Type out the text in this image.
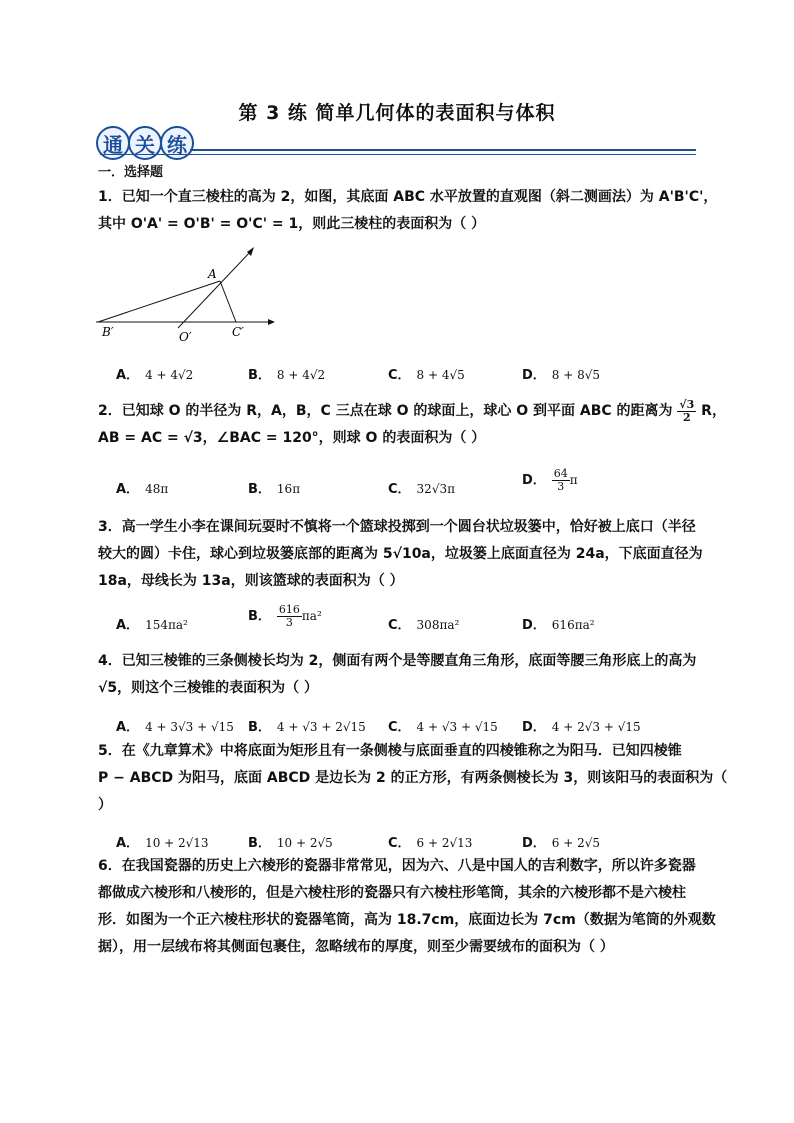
第 3 练 简单几何体的表面积与体积
通 关 练
一．选择题
1．已知一个直三棱柱的高为 2，如图，其底面 ABC 水平放置的直观图（斜二测画法）为 A'B'C'，
其中 O'A' = O'B' = O'C' = 1，则此三棱柱的表面积为（ ）
A
B′	O′	C′
A． 4 + 4√2	B． 8 + 4√2	C． 8 + 4√5	D． 8 + 8√5
2．已知球 O 的半径为 R，A，B，C 三点在球 O 的球面上，球心 O 到平面 ABC 的距离为 $\frac{√3}{2}$ R，
AB = AC = √3，∠BAC = 120°，则球 O 的表面积为（ ）
A． 48π	B． 16π	C． 32√3π
D． $\frac{64}{3}$ π
3．高一学生小李在课间玩耍时不慎将一个篮球投掷到一个圆台状垃圾篓中，恰好被上底口（半径
较大的圆）卡住，球心到垃圾篓底部的距离为 5√10a，垃圾篓上底面直径为 24a，下底面直径为
18a，母线长为 13a，则该篮球的表面积为（ ）
A． 154πa²
B． $\frac{616}{3} \pi a^2$
C． 308πa²	D． 616πa²
4．已知三棱锥的三条侧棱长均为 2，侧面有两个是等腰直角三角形，底面等腰三角形底上的高为
√5，则这个三棱锥的表面积为（ ）
A． 4 + 3√3 + √15 B． 4 + √3 + 2√15 C． 4 + √3 + √15 D． 4 + 2√3 + √15
5．在《九章算术》中将底面为矩形且有一条侧棱与底面垂直的四棱锥称之为阳马．已知四棱锥
P − ABCD 为阳马，底面 ABCD 是边长为 2 的正方形，有两条侧棱长为 3，则该阳马的表面积为（
）
A． 10 + 2√13	B． 10 + 2√5	C． 6 + 2√13	D． 6 + 2√5
6．在我国瓷器的历史上六棱形的瓷器非常常见，因为六、八是中国人的吉利数字，所以许多瓷器
都做成六棱形和八棱形的，但是六棱柱形的瓷器只有六棱柱形笔筒，其余的六棱形都不是六棱柱
形．如图为一个正六棱柱形状的瓷器笔筒，高为 18.7cm，底面边长为 7cm（数据为笔筒的外观数
据），用一层绒布将其侧面包裹住，忽略绒布的厚度，则至少需要绒布的面积为（ ）
